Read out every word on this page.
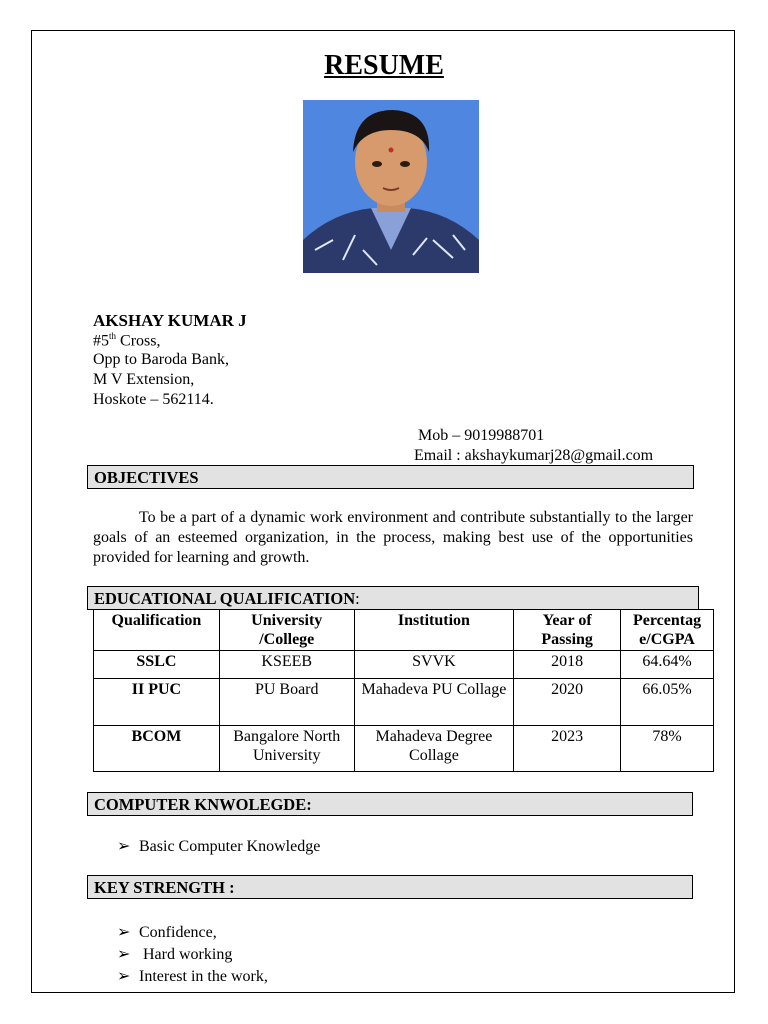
RESUME
AKSHAY KUMAR J
#5th Cross,
Opp to Baroda Bank,
M V Extension,
Hoskote – 562114.
Mob – 9019988701
Email : akshaykumarj28@gmail.com
OBJECTIVES
To be a part of a dynamic work environment and contribute substantially to the larger goals of an esteemed organization, in the process, making best use of the opportunities provided for learning and growth.
EDUCATIONAL QUALIFICATION:
Qualification	University /College	Institution	Year of Passing	Percentag e/CGPA
SSLC	KSEEB	SVVK	2018	64.64%
II PUC	PU Board	Mahadeva PU Collage	2020	66.05%
BCOM	Bangalore North University	Mahadeva Degree Collage	2023	78%
COMPUTER KNWOLEGDE:
➢ Basic Computer Knowledge
KEY STRENGTH :
➢ Confidence,
➢ Hard working
➢ Interest in the work,
